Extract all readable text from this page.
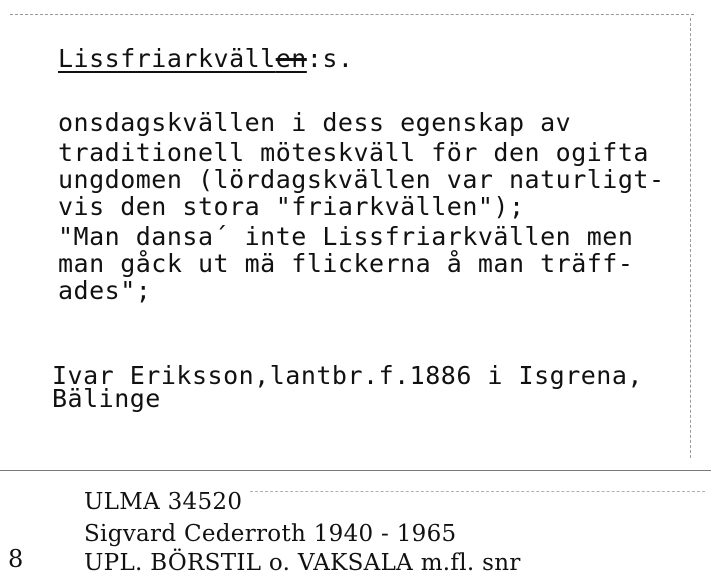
Lissfriarkvällen:s.
onsdagskvällen i dess egenskap av
traditionell möteskväll för den ogifta
ungdomen (lördagskvällen var naturligt-
vis den stora "friarkvällen");
"Man dansa´ inte Lissfriarkvällen men
man gåck ut mä flickerna å man träff-
ades";
Ivar Eriksson,lantbr.f.1886 i Isgrena,
Bälinge
ULMA 34520
Sigvard Cederroth 1940 - 1965
UPL. BÖRSTIL o. VAKSALA m.fl. snr
8
